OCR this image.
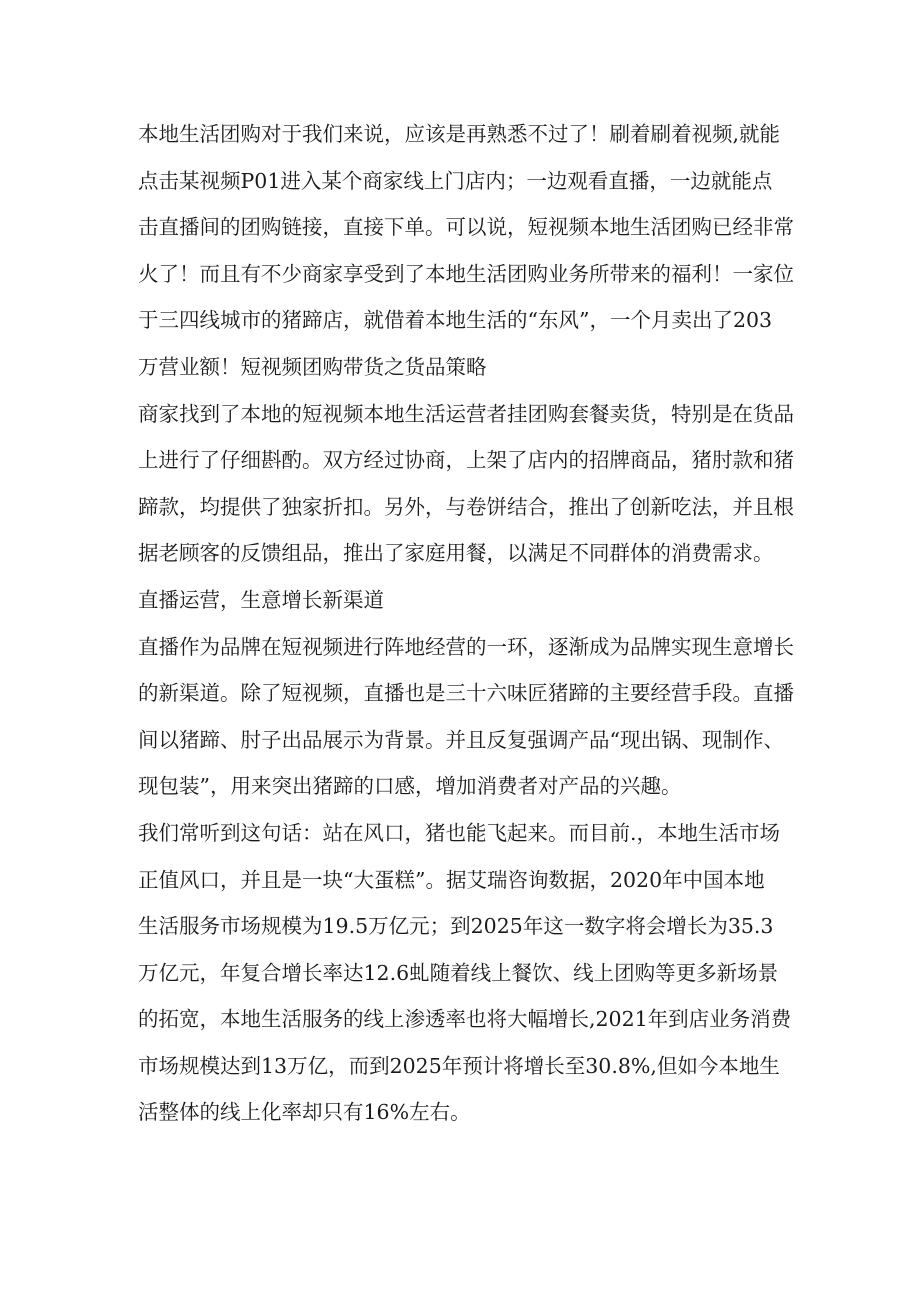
本地生活团购对于我们来说，应该是再熟悉不过了！刷着刷着视频,就能
点击某视频P01进入某个商家线上门店内；一边观看直播，一边就能点
击直播间的团购链接，直接下单。可以说，短视频本地生活团购已经非常
火了！而且有不少商家享受到了本地生活团购业务所带来的福利！一家位
于三四线城市的猪蹄店，就借着本地生活的“东风”，一个月卖出了203
万营业额！短视频团购带货之货品策略
商家找到了本地的短视频本地生活运营者挂团购套餐卖货，特别是在货品
上进行了仔细斟酌。双方经过协商，上架了店内的招牌商品，猪肘款和猪
蹄款，均提供了独家折扣。另外，与卷饼结合，推出了创新吃法，并且根
据老顾客的反馈组品，推出了家庭用餐，以满足不同群体的消费需求。
直播运营，生意增长新渠道
直播作为品牌在短视频进行阵地经营的一环，逐渐成为品牌实现生意增长
的新渠道。除了短视频，直播也是三十六味匠猪蹄的主要经营手段。直播
间以猪蹄、肘子出品展示为背景。并且反复强调产品“现出锅、现制作、
现包装”，用来突出猪蹄的口感，增加消费者对产品的兴趣。
我们常听到这句话：站在风口，猪也能飞起来。而目前.，本地生活市场
正值风口，并且是一块“大蛋糕”。据艾瑞咨询数据，2020年中国本地
生活服务市场规模为19.5万亿元；到2025年这一数字将会增长为35.3
万亿元，年复合增长率达12.6虬随着线上餐饮、线上团购等更多新场景
的拓宽，本地生活服务的线上渗透率也将大幅增长,2021年到店业务消费
市场规模达到13万亿，而到2025年预计将增长至30.8%,但如今本地生
活整体的线上化率却只有16%左右。
